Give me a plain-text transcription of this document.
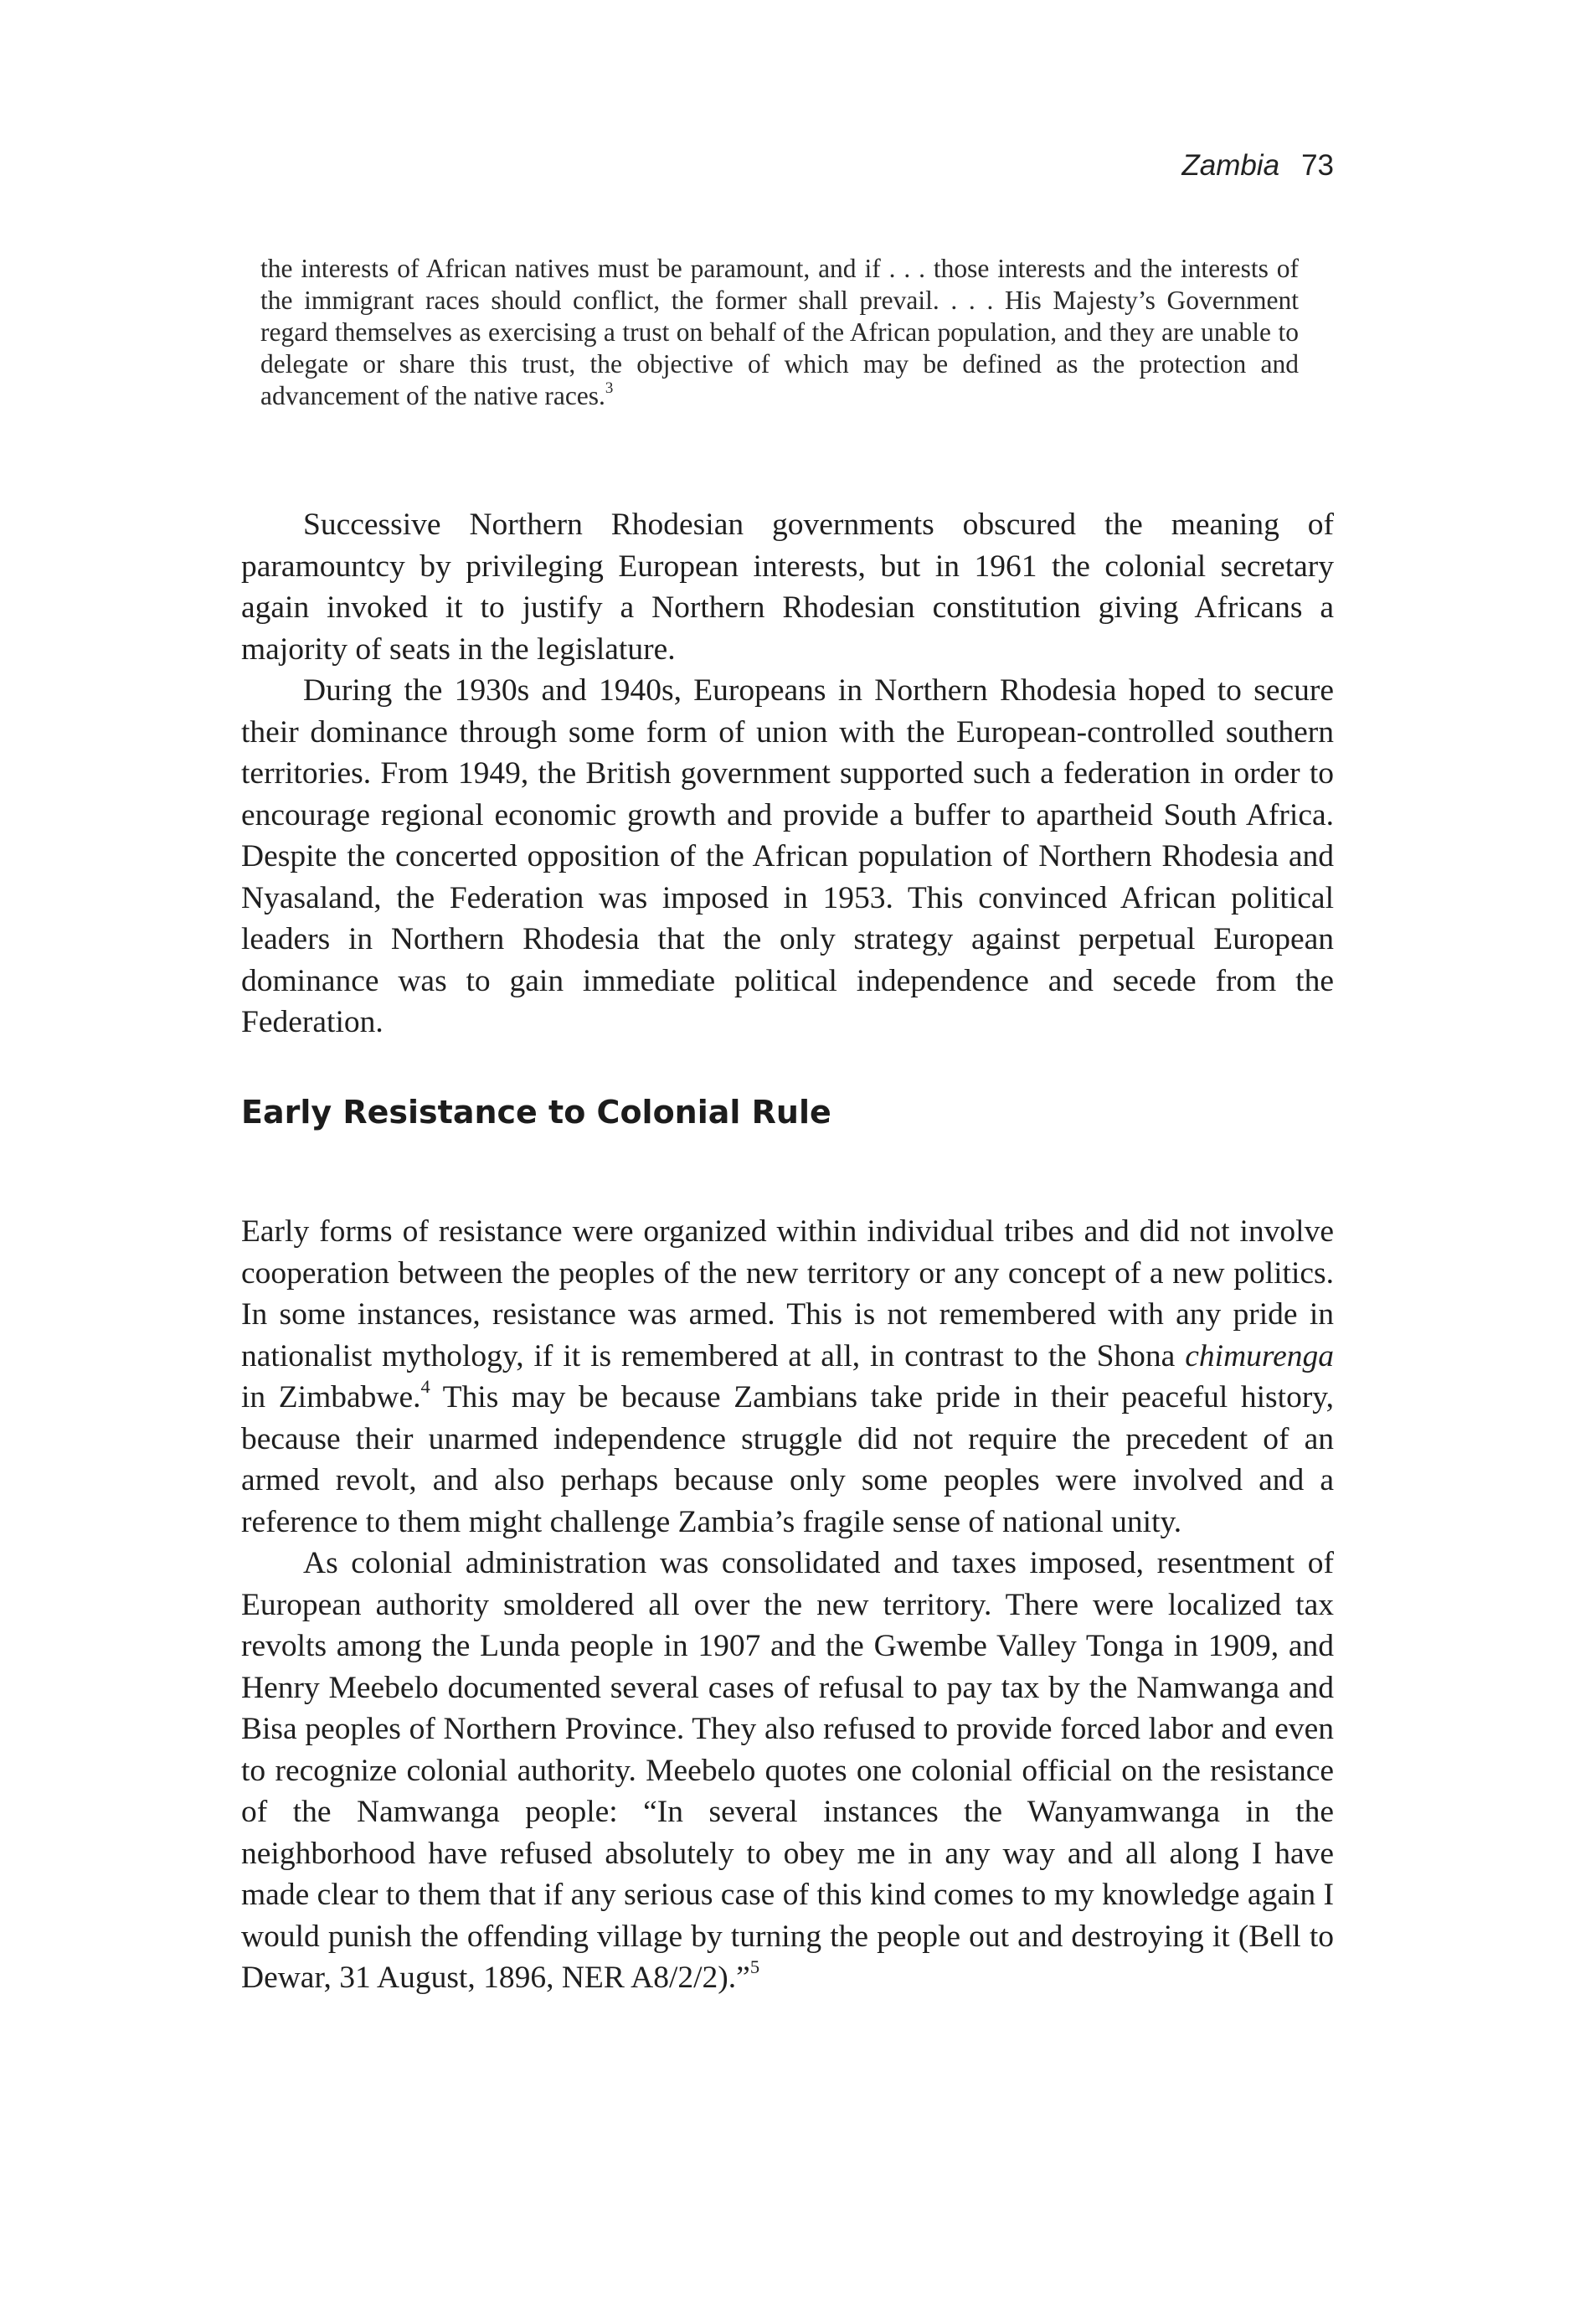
Zambia 73

the interests of African natives must be paramount, and if . . . those interests and the interests of the immigrant races should conflict, the former shall prevail. . . . His Majesty’s Government regard themselves as exercising a trust on behalf of the African population, and they are unable to delegate or share this trust, the objective of which may be defined as the protection and advancement of the native races.$^3$

Successive Northern Rhodesian governments obscured the meaning of paramountcy by privileging European interests, but in 1961 the colonial secretary again invoked it to justify a Northern Rhodesian constitution giving Africans a majority of seats in the legislature.

During the 1930s and 1940s, Europeans in Northern Rhodesia hoped to secure their dominance through some form of union with the European-controlled southern territories. From 1949, the British government supported such a federation in order to encourage regional economic growth and provide a buffer to apartheid South Africa. Despite the concerted opposition of the African population of Northern Rhodesia and Nyasaland, the Federation was imposed in 1953. This convinced African political leaders in Northern Rhodesia that the only strategy against perpetual European dominance was to gain immediate political independence and secede from the Federation.

Early Resistance to Colonial Rule

Early forms of resistance were organized within individual tribes and did not involve cooperation between the peoples of the new territory or any concept of a new politics. In some instances, resistance was armed. This is not remembered with any pride in nationalist mythology, if it is remembered at all, in contrast to the Shona chimurenga in Zimbabwe.$^4$ This may be because Zambians take pride in their peaceful history, because their unarmed independence struggle did not require the precedent of an armed revolt, and also perhaps because only some peoples were involved and a reference to them might challenge Zambia’s fragile sense of national unity.

As colonial administration was consolidated and taxes imposed, resentment of European authority smoldered all over the new territory. There were localized tax revolts among the Lunda people in 1907 and the Gwembe Valley Tonga in 1909, and Henry Meebelo documented several cases of refusal to pay tax by the Namwanga and Bisa peoples of Northern Province. They also refused to provide forced labor and even to recognize colonial authority. Meebelo quotes one colonial official on the resistance of the Namwanga people: “In several instances the Wanyamwanga in the neighborhood have refused absolutely to obey me in any way and all along I have made clear to them that if any serious case of this kind comes to my knowledge again I would punish the offending village by turning the people out and destroying it (Bell to Dewar, 31 August, 1896, NER A8/2/2).”$^5$
